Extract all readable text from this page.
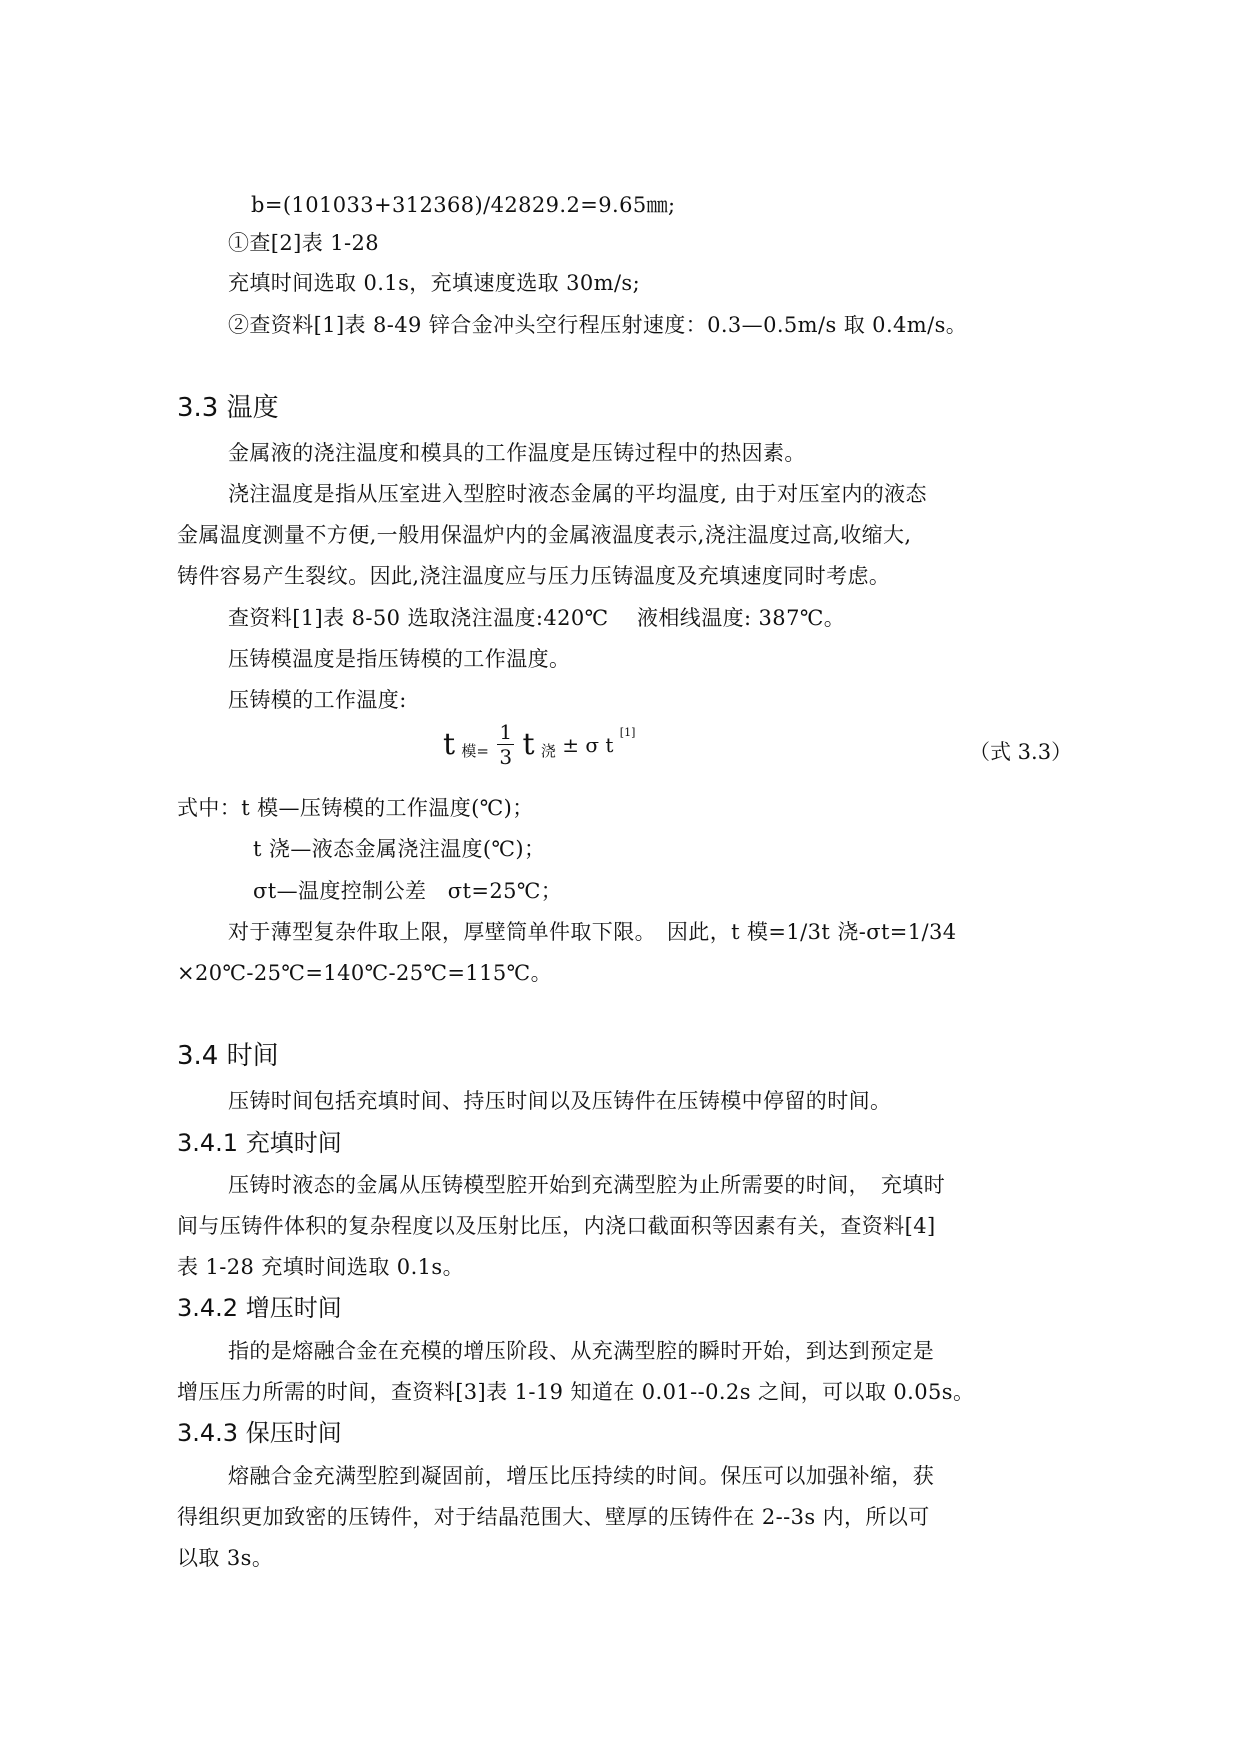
b=(101033+312368)/42829.2=9.65㎜;
①查[2]表 1-28
充填时间选取 0.1s，充填速度选取 30m/s;
②查资料[1]表 8-49 锌合金冲头空行程压射速度：0.3—0.5m/s 取 0.4m/s。
3.3 温度
金属液的浇注温度和模具的工作温度是压铸过程中的热因素。
浇注温度是指从压室进入型腔时液态金属的平均温度, 由于对压室内的液态
金属温度测量不方便,一般用保温炉内的金属液温度表示,浇注温度过高,收缩大,
铸件容易产生裂纹。因此,浇注温度应与压力压铸温度及充填速度同时考虑。
查资料[1]表 8-50 选取浇注温度:420℃　 液相线温度: 387℃。
压铸模温度是指压铸模的工作温度。
压铸模的工作温度:
t 模= $\frac{1}{3}$ t 浇 ± σ t [1]
（式 3.3）
式中：t 模—压铸模的工作温度(℃)；
t 浇—液态金属浇注温度(℃)；
σt—温度控制公差　σt=25℃；
对于薄型复杂件取上限，厚壁筒单件取下限。　因此，t 模=1/3t 浇-σt=1/34
×20℃-25℃=140℃-25℃=115℃。
3.4 时间
压铸时间包括充填时间、持压时间以及压铸件在压铸模中停留的时间。
3.4.1 充填时间
压铸时液态的金属从压铸模型腔开始到充满型腔为止所需要的时间，　充填时
间与压铸件体积的复杂程度以及压射比压，内浇口截面积等因素有关，查资料[4]
表 1-28 充填时间选取 0.1s。
3.4.2 增压时间
指的是熔融合金在充模的增压阶段、从充满型腔的瞬时开始，到达到预定是
增压压力所需的时间，查资料[3]表 1-19 知道在 0.01--0.2s 之间，可以取 0.05s。
3.4.3 保压时间
熔融合金充满型腔到凝固前，增压比压持续的时间。保压可以加强补缩，获
得组织更加致密的压铸件，对于结晶范围大、壁厚的压铸件在 2--3s 内，所以可
以取 3s。
